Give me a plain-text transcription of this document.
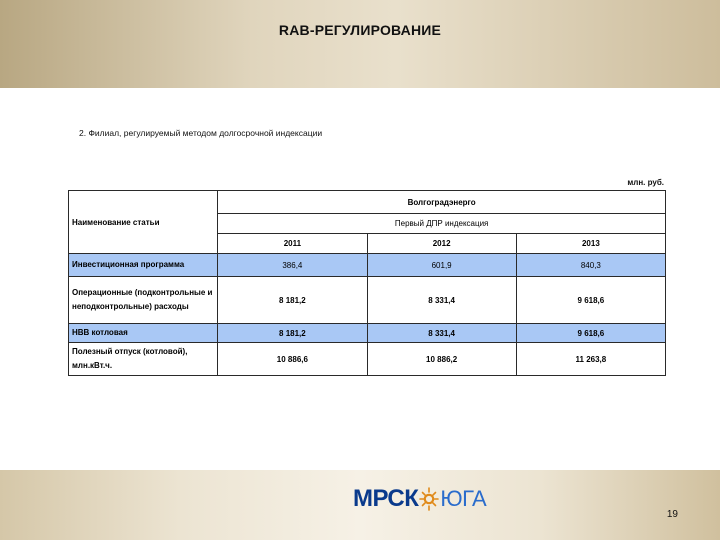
RAB-РЕГУЛИРОВАНИЕ
2. Филиал, регулируемый методом долгосрочной индексации
млн. руб.
Наименование статьи	Волгоградэнерго		
	Первый ДПР индексация		
	2011	2012	2013
Инвестиционная программа	386,4	601,9	840,3
Операционные (подконтрольные и неподконтрольные) расходы	8 181,2	8 331,4	9 618,6
НВВ котловая	8 181,2	8 331,4	9 618,6
Полезный отпуск (котловой), млн.кВт.ч.	10 886,6	10 886,2	11 263,8
МРСК ЮГА
19
